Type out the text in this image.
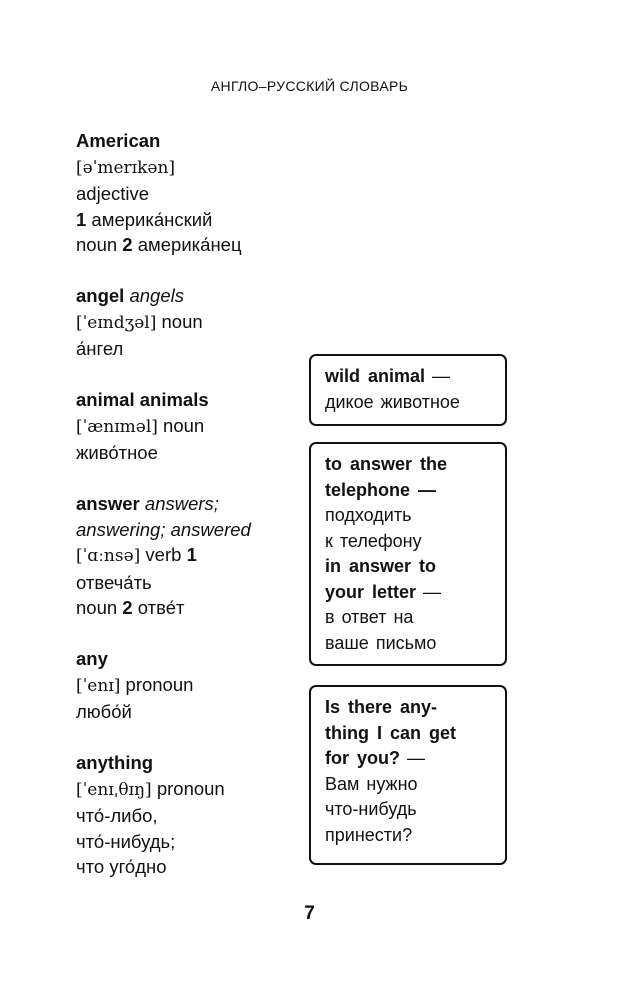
АНГЛО–РУССКИЙ СЛОВАРЬ
American
[əˈmerɪkən]
adjective
1 америка́нский
noun 2 америка́нец
angel angels
[ˈeɪndʒəl] noun
а́нгел
animal animals
[ˈænɪməl] noun
живо́тное
answer answers;
answering; answered
[ˈɑːnsə] verb 1
отвеча́ть
noun 2 отве́т
any
[ˈenɪ] pronoun
любо́й
anything
[ˈenɪˌθɪŋ] pronoun
что́-либо,
что́-нибудь;
что уго́дно
wild animal —
дикое животное
to answer the
telephone —
подходить
к телефону
in answer to
your letter —
в ответ на
ваше письмо
Is there any-
thing I can get
for you? —
Вам нужно
что-нибудь
принести?
7
